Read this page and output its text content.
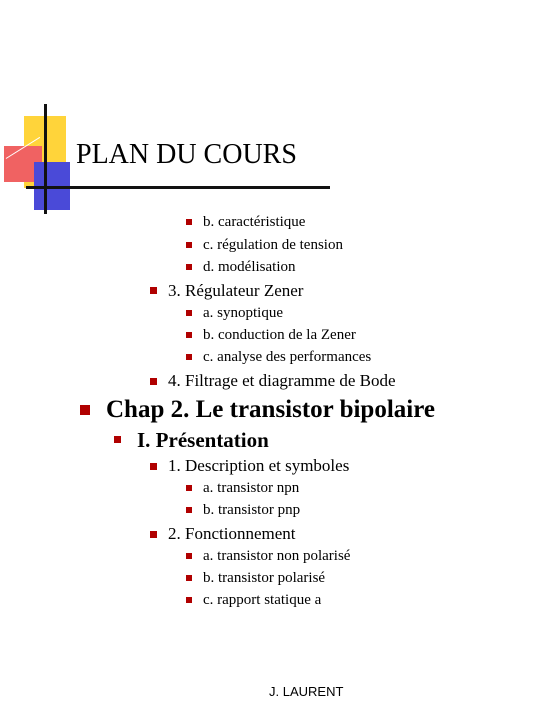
PLAN DU COURS
b. caractéristique
c. régulation de tension
d. modélisation
3. Régulateur Zener
a. synoptique
b. conduction de la Zener
c. analyse des performances
4. Filtrage et diagramme de Bode
Chap 2. Le transistor bipolaire
I. Présentation
1. Description et symboles
a. transistor npn
b. transistor pnp
2. Fonctionnement
a. transistor non polarisé
b. transistor polarisé
c. rapport statique a
J. LAURENT
